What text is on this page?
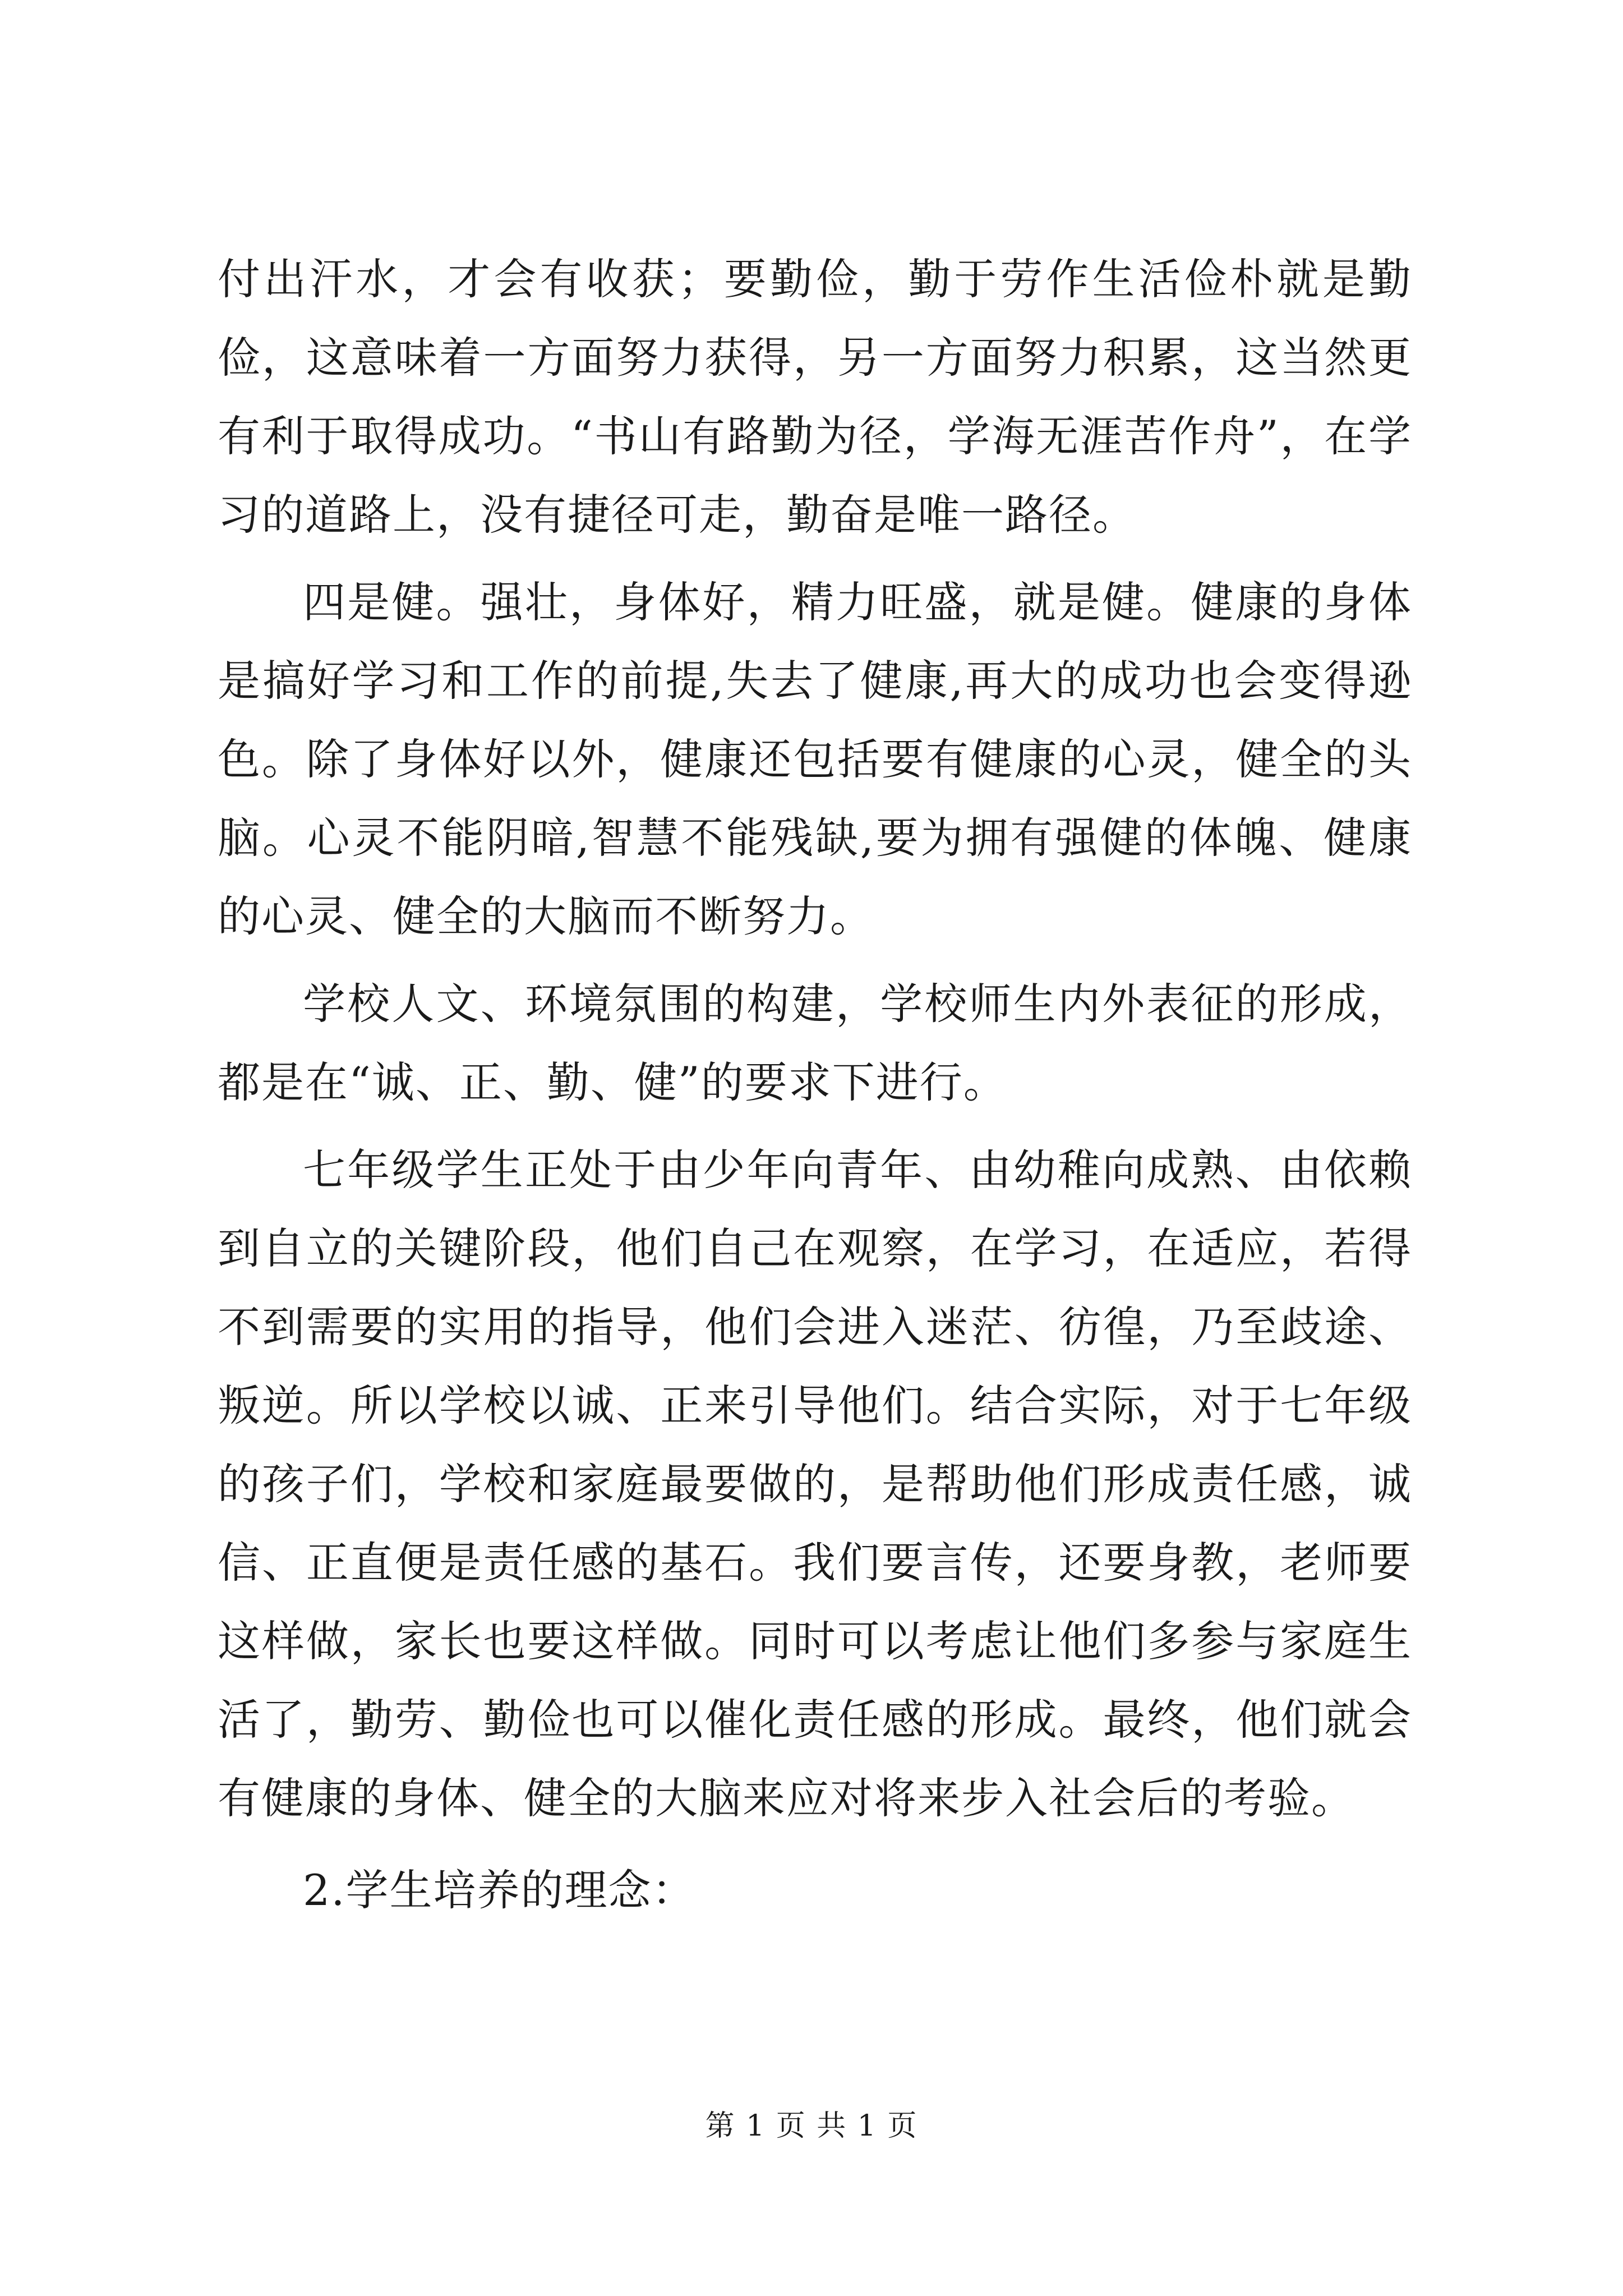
付出汗水，才会有收获；要勤俭，勤于劳作生活俭朴就是勤俭，这意味着一方面努力获得，另一方面努力积累，这当然更有利于取得成功。“书山有路勤为径，学海无涯苦作舟”，在学习的道路上，没有捷径可走，勤奋是唯一路径。

四是健。强壮，身体好，精力旺盛，就是健。健康的身体是搞好学习和工作的前提,失去了健康,再大的成功也会变得逊色。除了身体好以外，健康还包括要有健康的心灵，健全的头脑。心灵不能阴暗,智慧不能残缺,要为拥有强健的体魄、健康的心灵、健全的大脑而不断努力。

学校人文、环境氛围的构建，学校师生内外表征的形成，都是在“诚、正、勤、健”的要求下进行。

七年级学生正处于由少年向青年、由幼稚向成熟、由依赖到自立的关键阶段，他们自己在观察，在学习，在适应，若得不到需要的实用的指导，他们会进入迷茫、彷徨，乃至歧途、叛逆。所以学校以诚、正来引导他们。结合实际，对于七年级的孩子们，学校和家庭最要做的，是帮助他们形成责任感，诚信、正直便是责任感的基石。我们要言传，还要身教，老师要这样做，家长也要这样做。同时可以考虑让他们多参与家庭生活了，勤劳、勤俭也可以催化责任感的形成。最终，他们就会有健康的身体、健全的大脑来应对将来步入社会后的考验。

2.学生培养的理念：

第 1 页 共 1 页
